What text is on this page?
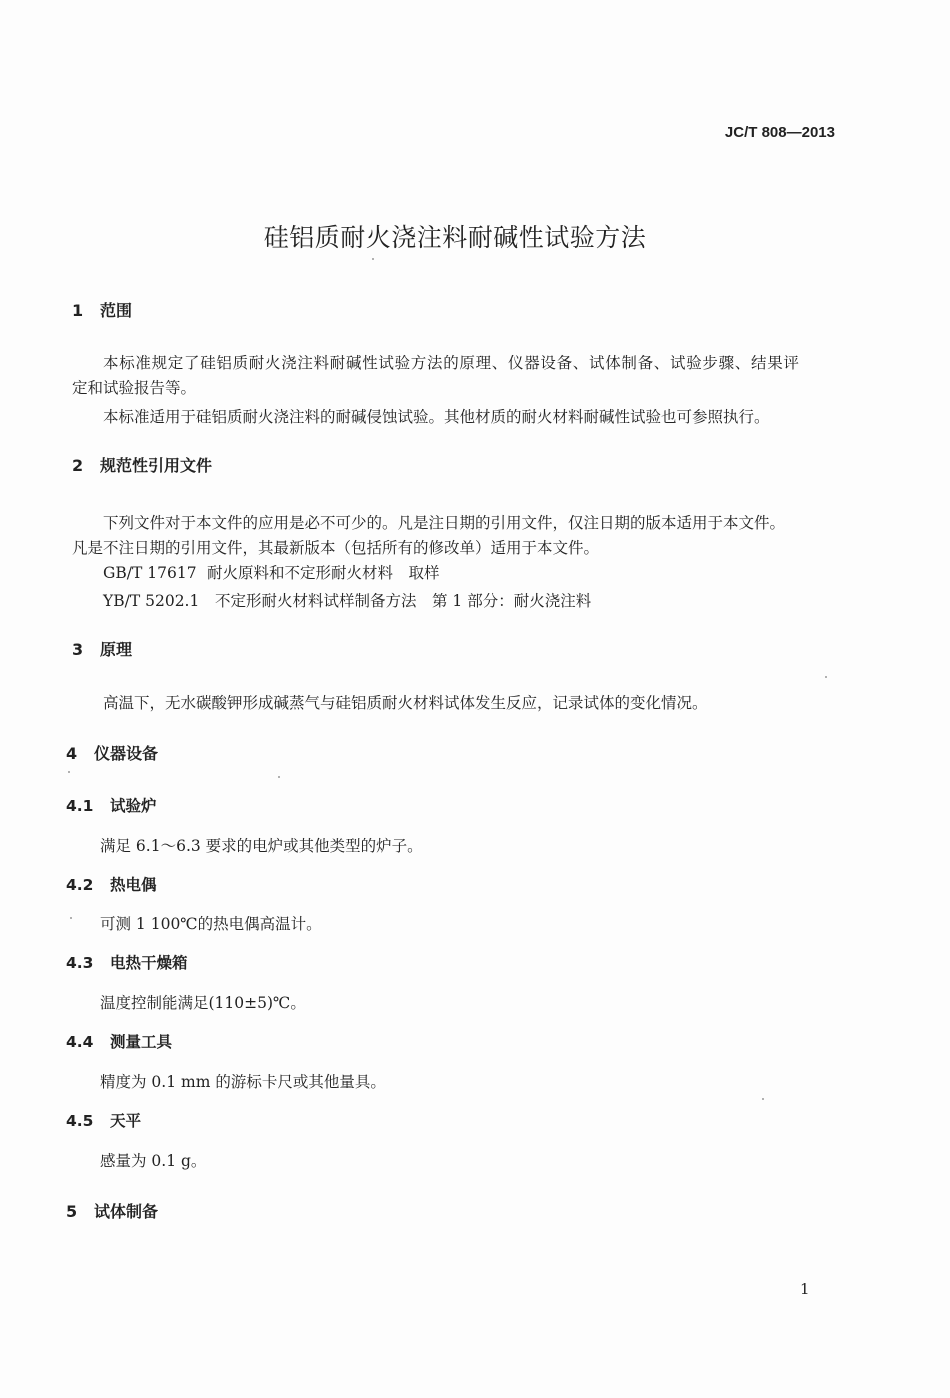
JC/T 808—2013
硅铝质耐火浇注料耐碱性试验方法
1 范围
本标准规定了硅铝质耐火浇注料耐碱性试验方法的原理、仪器设备、试体制备、试验步骤、结果评
定和试验报告等。
本标准适用于硅铝质耐火浇注料的耐碱侵蚀试验。其他材质的耐火材料耐碱性试验也可参照执行。
2 规范性引用文件
下列文件对于本文件的应用是必不可少的。凡是注日期的引用文件，仅注日期的版本适用于本文件。
凡是不注日期的引用文件，其最新版本（包括所有的修改单）适用于本文件。
GB/T 17617 耐火原料和不定形耐火材料　取样
YB/T 5202.1 不定形耐火材料试样制备方法　第 1 部分：耐火浇注料
3 原理
高温下，无水碳酸钾形成碱蒸气与硅铝质耐火材料试体发生反应，记录试体的变化情况。
4 仪器设备
4.1 试验炉
满足 6.1～6.3 要求的电炉或其他类型的炉子。
4.2 热电偶
可测 1 100℃的热电偶高温计。
4.3 电热干燥箱
温度控制能满足(110±5)℃。
4.4 测量工具
精度为 0.1 mm 的游标卡尺或其他量具。
4.5 天平
感量为 0.1 g。
5 试体制备
1
